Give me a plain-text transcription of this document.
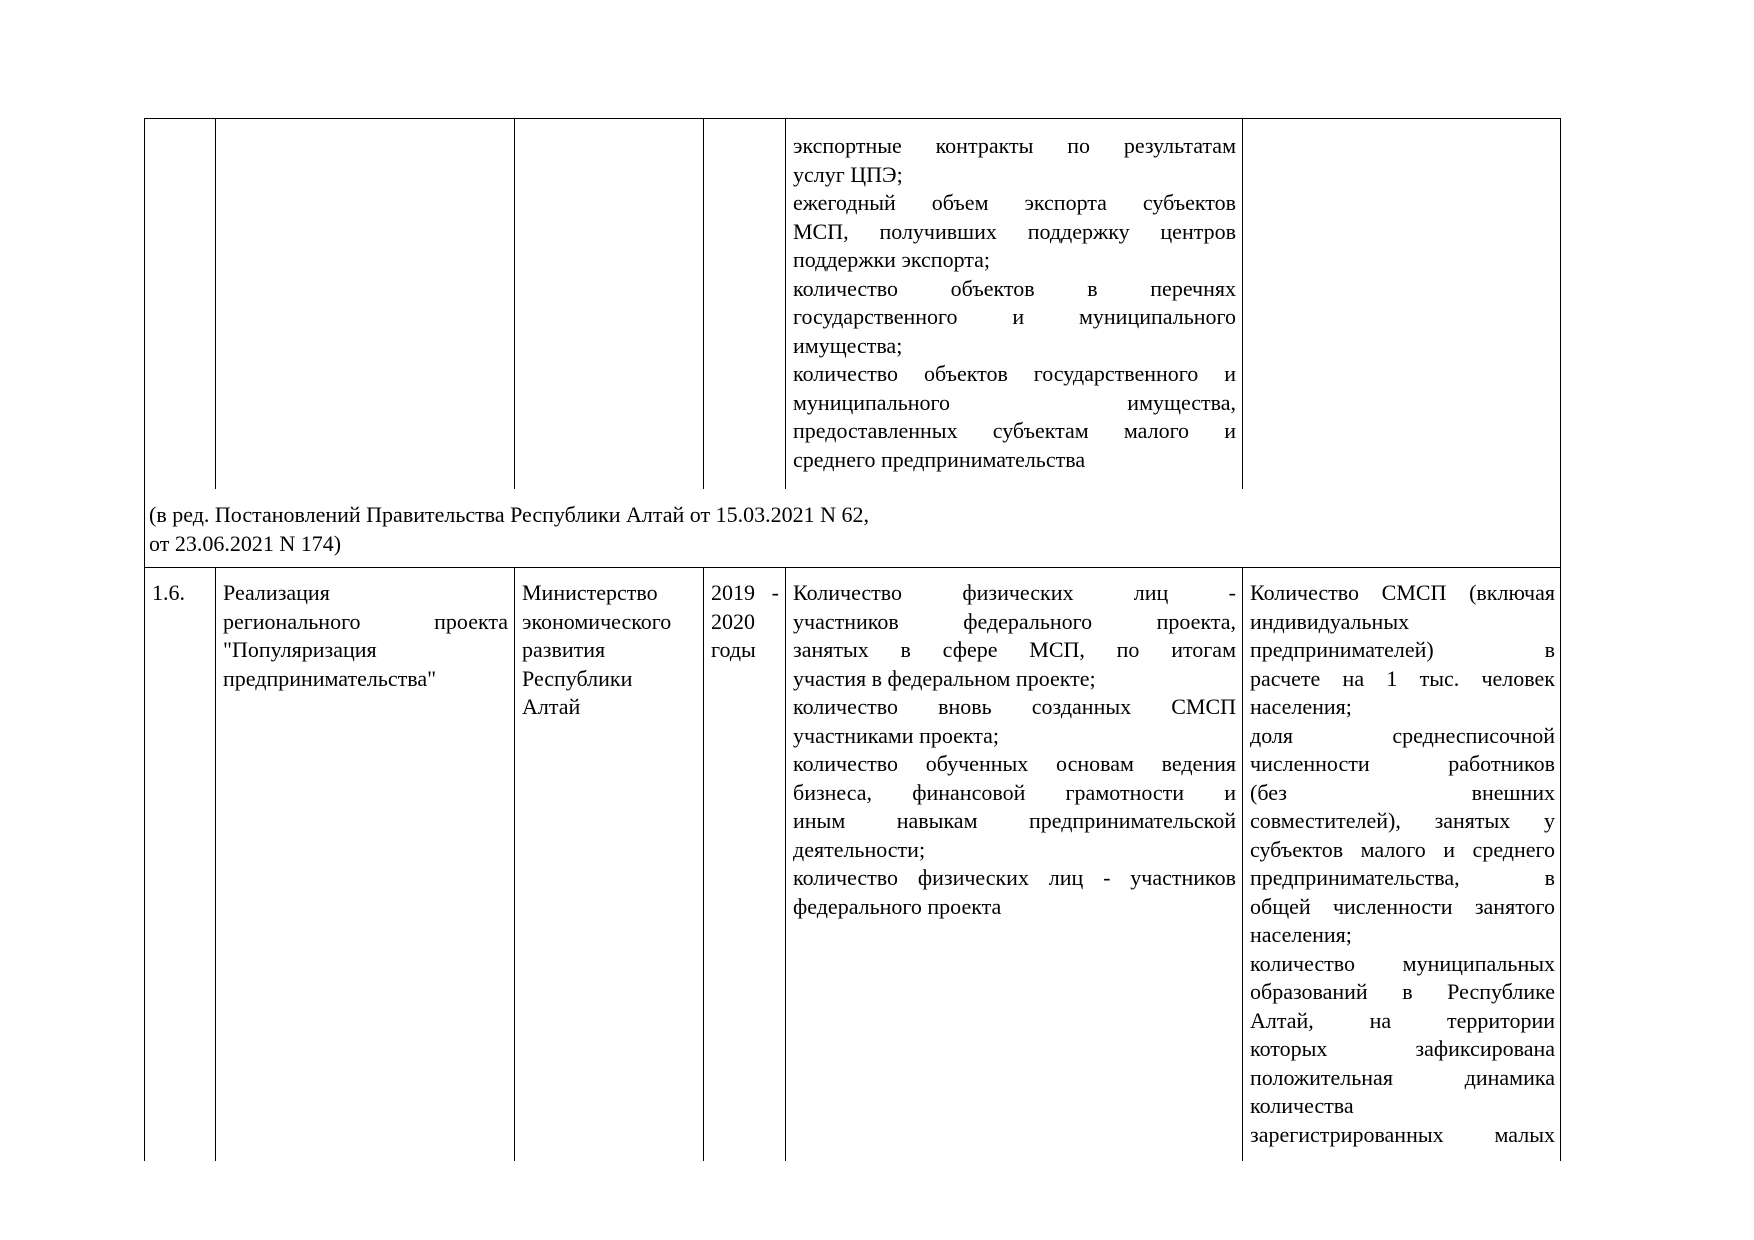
экспортные контракты по результатам
услуг ЦПЭ;
ежегодный объем экспорта субъектов
МСП, получивших поддержку центров
поддержки экспорта;
количество объектов в перечнях
государственного и муниципального
имущества;
количество объектов государственного и
муниципального имущества,
предоставленных субъектам малого и
среднего предпринимательства
(в ред. Постановлений Правительства Республики Алтай от 15.03.2021 N 62,
от 23.06.2021 N 174)
1.6.	Реализация
регионального проекта
"Популяризация
предпринимательства"
Министерство
экономического
развития
Республики
Алтай
2019 -
2020
годы
Количество физических лиц -
участников федерального проекта,
занятых в сфере МСП, по итогам
участия в федеральном проекте;
количество вновь созданных СМСП
участниками проекта;
количество обученных основам ведения
бизнеса, финансовой грамотности и
иным навыкам предпринимательской
деятельности;
количество физических лиц - участников
федерального проекта
Количество СМСП (включая
индивидуальных
предпринимателей) в
расчете на 1 тыс. человек
населения;
доля среднесписочной
численности работников
(без внешних
совместителей), занятых у
субъектов малого и среднего
предпринимательства, в
общей численности занятого
населения;
количество муниципальных
образований в Республике
Алтай, на территории
которых зафиксирована
положительная динамика
количества
зарегистрированных малых
